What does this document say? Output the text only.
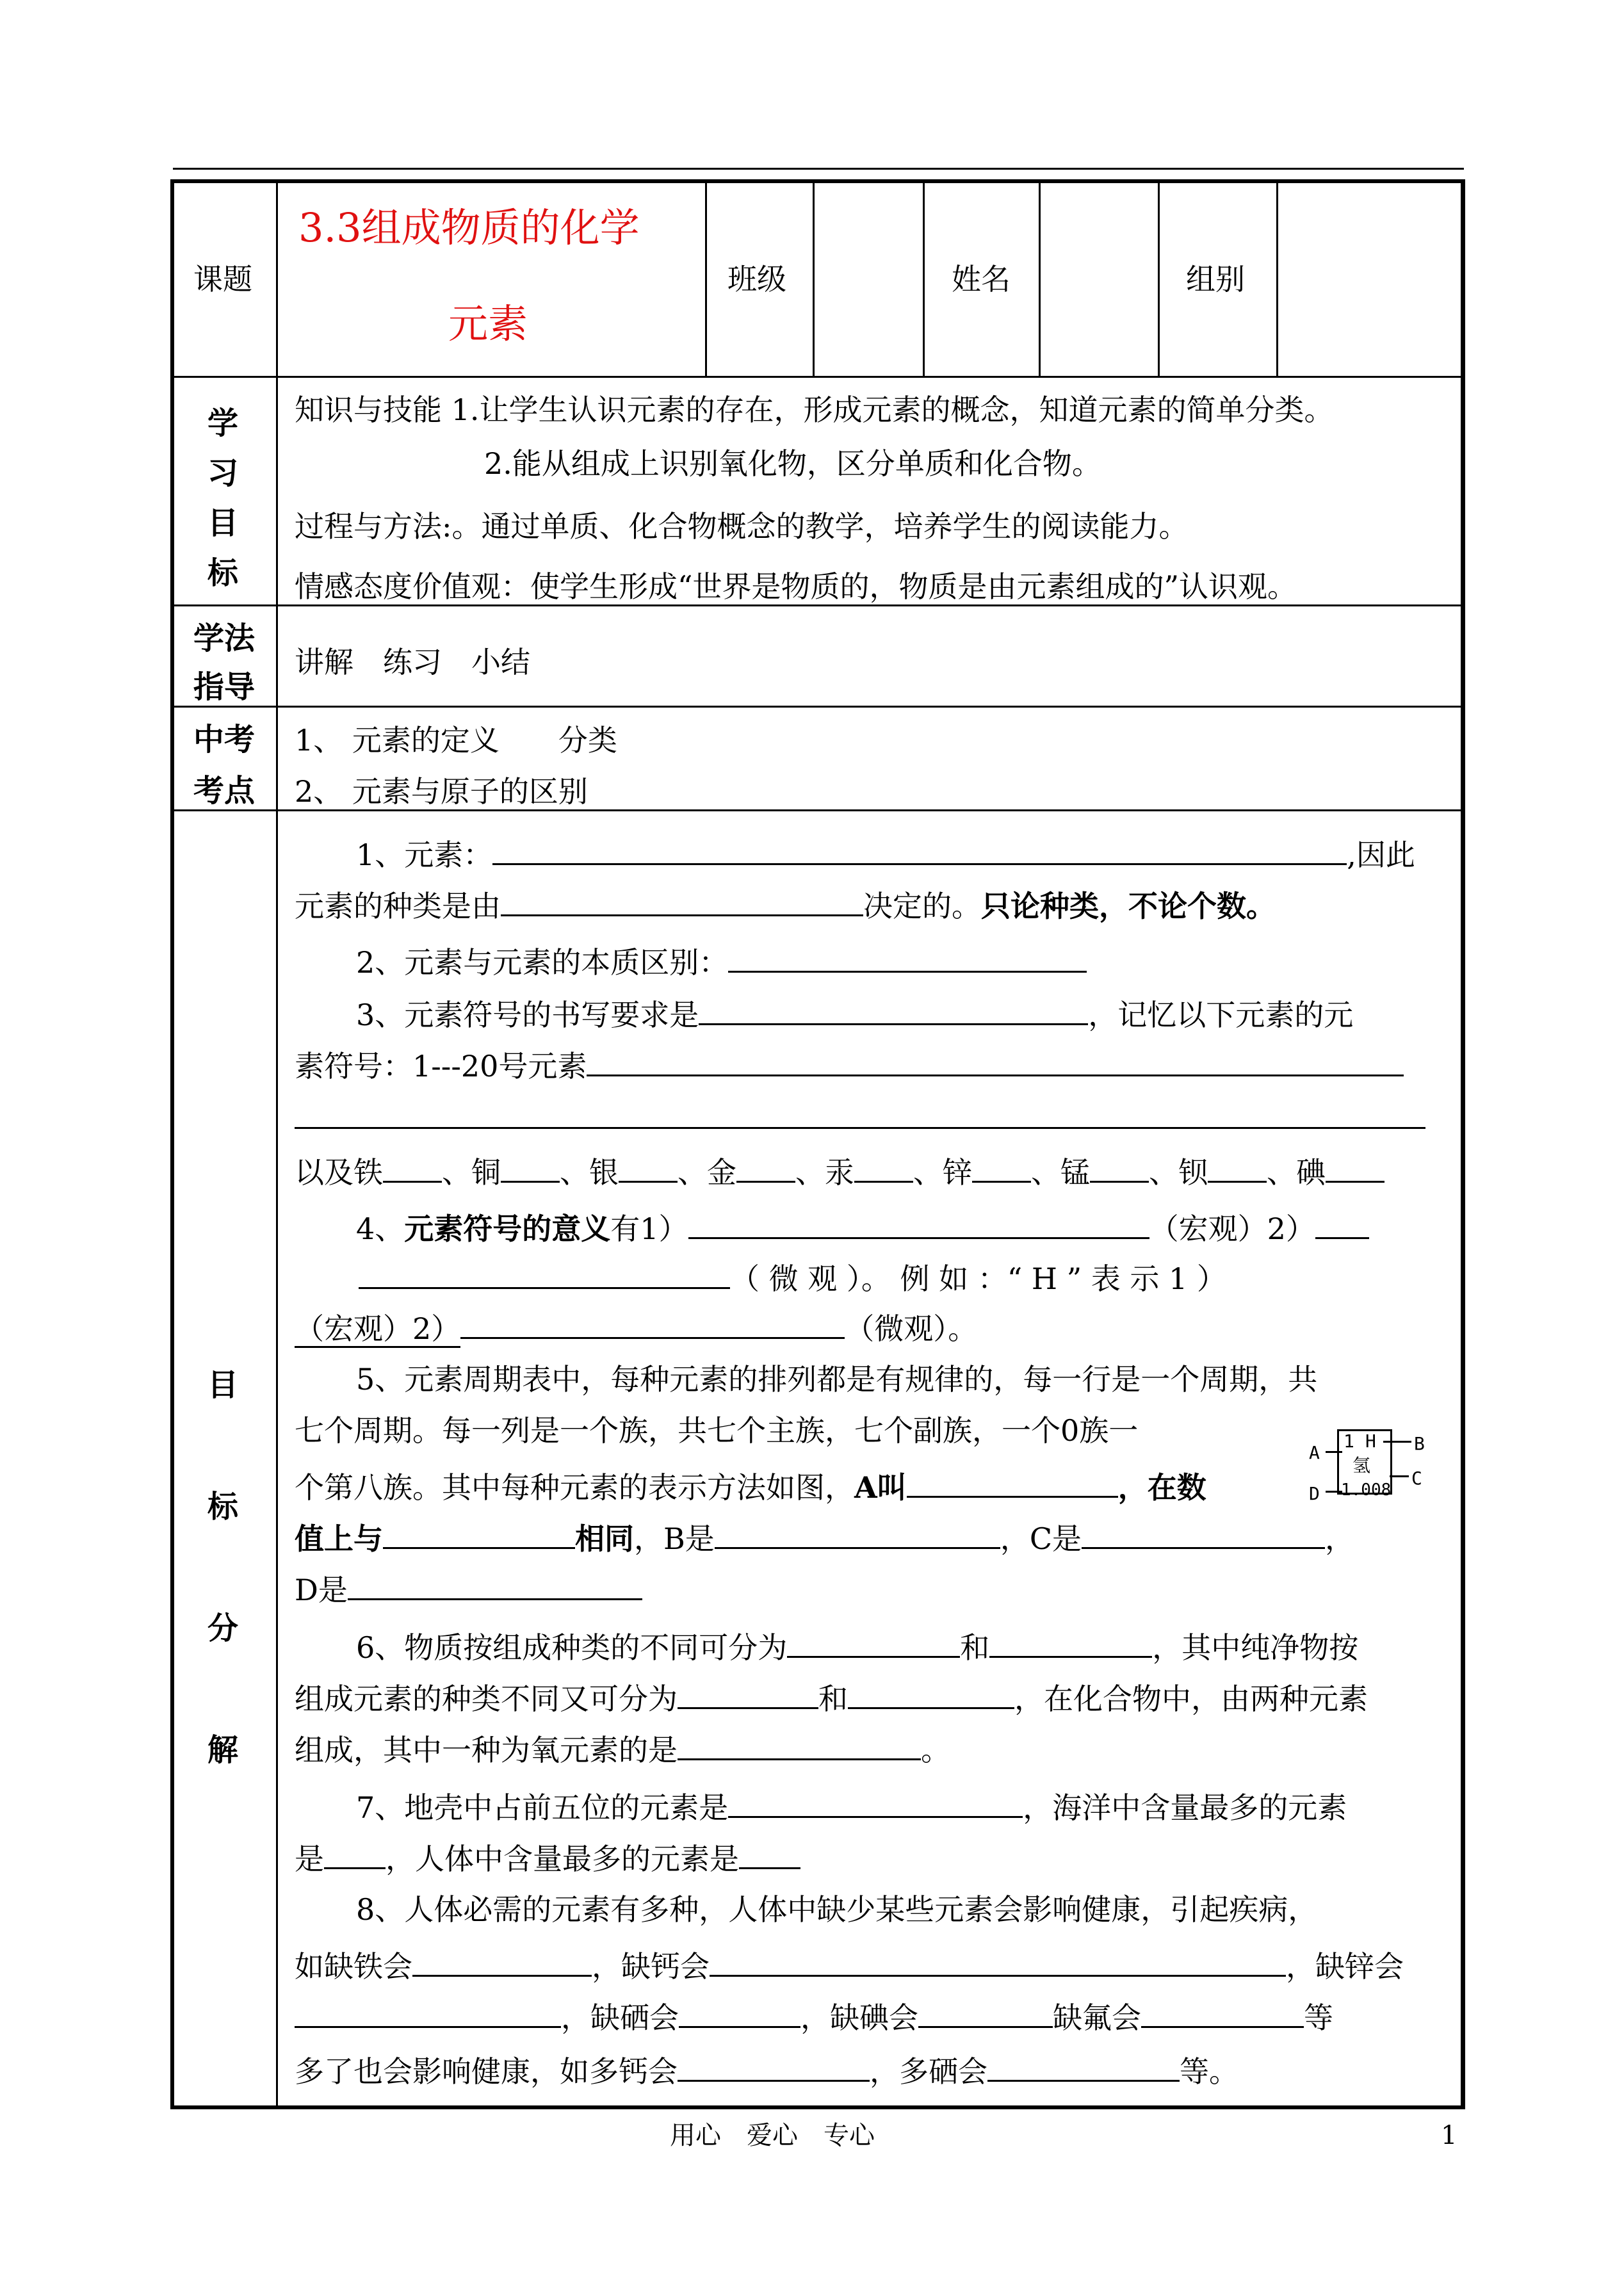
课题
3.3组成物质的化学
元素
班级	姓名	组别
学
习
目
标
知识与技能 1.让学生认识元素的存在，形成元素的概念，知道元素的简单分类。
2.能从组成上识别氧化物，区分单质和化合物。
过程与方法:。通过单质、化合物概念的教学，培养学生的阅读能力。
情感态度价值观：使学生形成“世界是物质的，物质是由元素组成的”认识观。
学法
指导
讲解　练习　小结
中考
考点
1、 元素的定义　　分类
2、 元素与原子的区别
目
标
分
解
1、元素：	,因此
元素的种类是由	决定的。只论种类，不论个数。
2、元素与元素的本质区别：
3、元素符号的书写要求是	，记忆以下元素的元
素符号：1---20号元素
以及铁 、铜 、银 、金 、汞 、锌 、锰 、钡 、碘
4、元素符号的意义有1）	（宏观）2）
（ 微 观 ）。 例 如 ：“ H ” 表 示 1 ）
（宏观）2）	（微观）。
5、元素周期表中，每种元素的排列都是有规律的，每一行是一个周期，共
七个周期。每一列是一个族，共七个主族，七个副族，一个0族一
个第八族。其中每种元素的表示方法如图，A叫	，在数
值上与	相同，B是	，C是	，
D是
A	B
C
D
1 H
氢
1.008
6、物质按组成种类的不同可分为	和	，其中纯净物按
组成元素的种类不同又可分为	和	，在化合物中，由两种元素
组成，其中一种为氧元素的是	。
7、地壳中占前五位的元素是	，海洋中含量最多的元素
是 ，人体中含量最多的元素是
8、人体必需的元素有多种，人体中缺少某些元素会影响健康，引起疾病，
如缺铁会	，缺钙会	，缺锌会
，缺硒会	，缺碘会	缺氟会	等
多了也会影响健康，如多钙会	，多硒会	等。
用心　爱心　专心	1
